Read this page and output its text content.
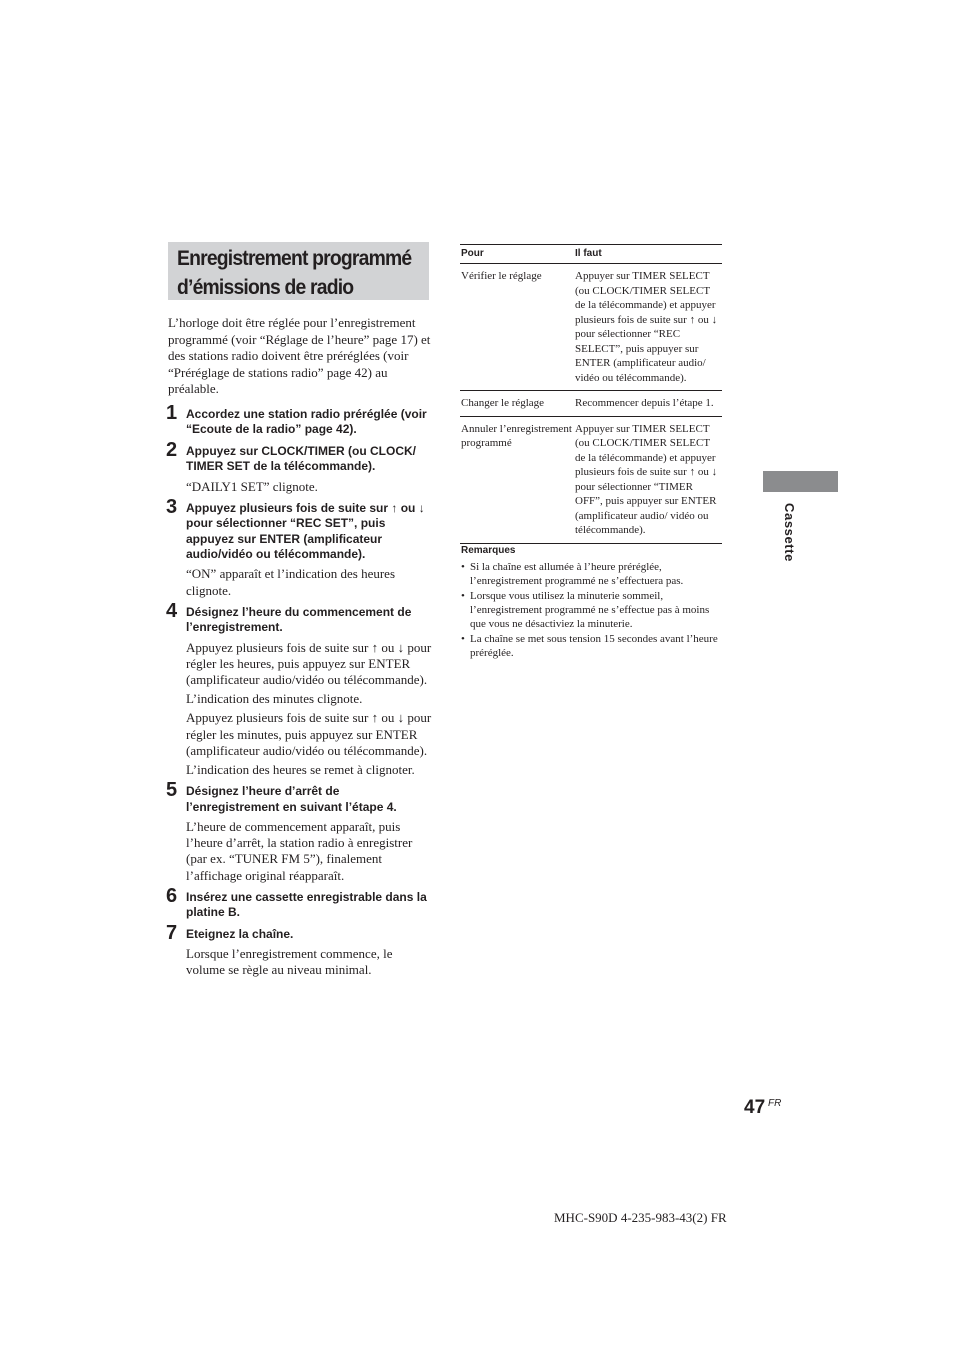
Enregistrement programmé
d’émissions de radio

L’horloge doit être réglée pour l’enregistrement programmé (voir “Réglage de l’heure” page 17) et des stations radio doivent être préréglées (voir “Préréglage de stations radio” page 42) au préalable.

1 Accordez une station radio préréglée (voir “Ecoute de la radio” page 42).

2 Appuyez sur CLOCK/TIMER (ou CLOCK/ TIMER SET de la télécommande).

“DAILY1 SET” clignote.

3 Appuyez plusieurs fois de suite sur ↑ ou ↓ pour sélectionner “REC SET”, puis appuyez sur ENTER (amplificateur audio/vidéo ou télécommande).

“ON” apparaît et l’indication des heures clignote.

4 Désignez l’heure du commencement de l’enregistrement.

Appuyez plusieurs fois de suite sur ↑ ou ↓ pour régler les heures, puis appuyez sur ENTER (amplificateur audio/vidéo ou télécommande).

L’indication des minutes clignote.

Appuyez plusieurs fois de suite sur ↑ ou ↓ pour régler les minutes, puis appuyez sur ENTER (amplificateur audio/vidéo ou télécommande).

L’indication des heures se remet à clignoter.

5 Désignez l’heure d’arrêt de l’enregistrement en suivant l’étape 4.

L’heure de commencement apparaît, puis l’heure d’arrêt, la station radio à enregistrer (par ex. “TUNER FM 5”), finalement l’affichage original réapparaît.

6 Insérez une cassette enregistrable dans la platine B.

7 Eteignez la chaîne.

Lorsque l’enregistrement commence, le volume se règle au niveau minimal.

Pour	Il faut
Vérifier le réglage	Appuyer sur TIMER SELECT (ou CLOCK/TIMER SELECT de la télécommande) et appuyer plusieurs fois de suite sur ↑ ou ↓ pour sélectionner “REC SELECT”, puis appuyer sur ENTER (amplificateur audio/ vidéo ou télécommande).
Changer le réglage	Recommencer depuis l’étape 1.
Annuler l’enregistrement programmé	Appuyer sur TIMER SELECT (ou CLOCK/TIMER SELECT de la télécommande) et appuyer plusieurs fois de suite sur ↑ ou ↓ pour sélectionner “TIMER OFF”, puis appuyer sur ENTER (amplificateur audio/ vidéo ou télécommande).
Remarques
• Si la chaîne est allumée à l’heure préréglée, l’enregistrement programmé ne s’effectuera pas.
• Lorsque vous utilisez la minuterie sommeil, l’enregistrement programmé ne s’effectue pas à moins que vous ne désactiviez la minuterie.
• La chaîne se met sous tension 15 secondes avant l’heure préréglée.
Cassette
47 FR
MHC-S90D 4-235-983-43(2) FR
